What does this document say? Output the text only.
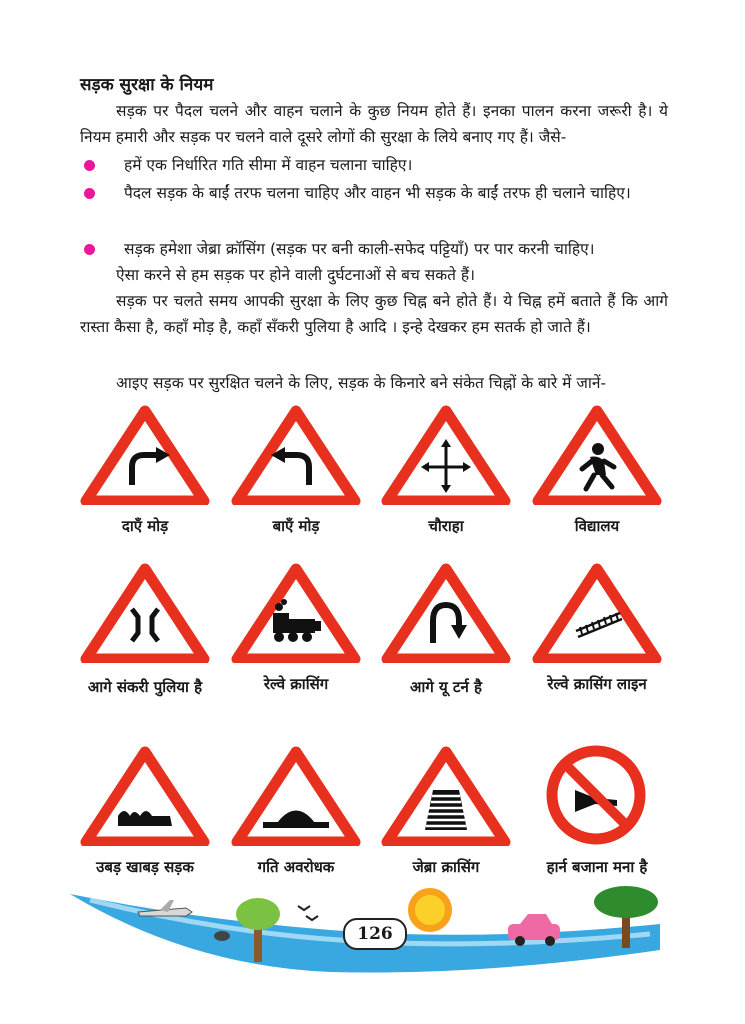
सड़क सुरक्षा के नियम
सड़क पर पैदल चलने और वाहन चलाने के कुछ नियम होते हैं। इनका पालन करना जरूरी है। ये नियम हमारी और सड़क पर चलने वाले दूसरे लोगों की सुरक्षा के लिये बनाए गए हैं। जैसे-
हमें एक निर्धारित गति सीमा में वाहन चलाना चाहिए।
पैदल सड़क के बाईं तरफ चलना चाहिए और वाहन भी सड़क के बाईं तरफ ही चलाने चाहिए।
सड़क हमेशा जेब्रा क्रॉसिंग (सड़क पर बनी काली-सफेद पट्टियाँ) पर पार करनी चाहिए।
ऐसा करने से हम सड़क पर होने वाली दुर्घटनाओं से बच सकते हैं।
सड़क पर चलते समय आपकी सुरक्षा के लिए कुछ चिह्न बने होते हैं। ये चिह्न हमें बताते हैं कि आगे रास्ता कैसा है, कहाँ मोड़ है, कहाँ सँकरी पुलिया है आदि । इन्हे देखकर हम सतर्क हो जाते हैं।
आइए सड़क पर सुरक्षित चलने के लिए, सड़क के किनारे बने संकेत चिह्नों के बारे में जानें-
दाएँ मोड़	बाएँ मोड़	चौराहा	विद्यालय
आगे संकरी पुलिया है	रेल्वे क्रासिंग	आगे यू टर्न है	रेल्वे क्रासिंग लाइन
उबड़ खाबड़ सड़क	गति अवरोधक	जेब्रा क्रासिंग	हार्न बजाना मना है
126
